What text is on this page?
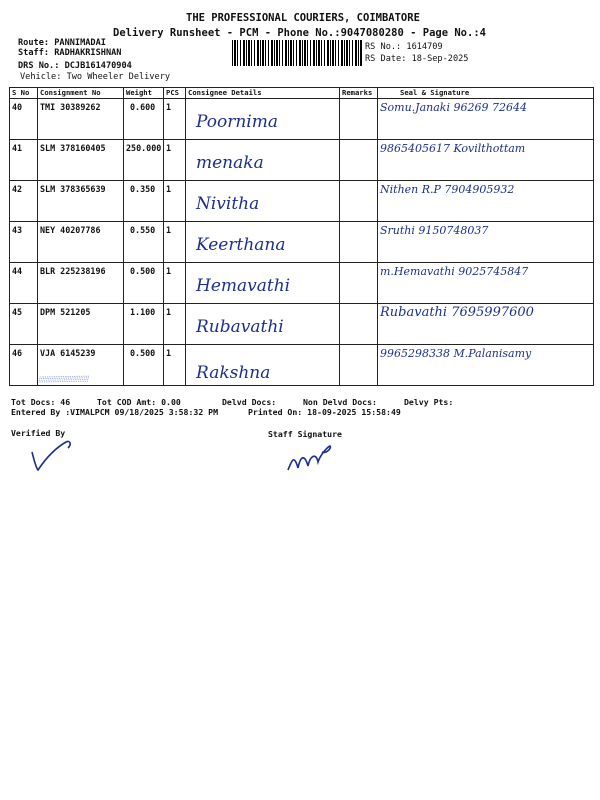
THE PROFESSIONAL COURIERS, COIMBATORE
Delivery Runsheet - PCM - Phone No.:9047080280 - Page No.:4
Route: PANNIMADAI
Staff: RADHAKRISHNAN
DRS No.: DCJB161470904
Vehicle: Two Wheeler Delivery
RS No.: 1614709
RS Date: 18-Sep-2025
S No	Consignment No	Weight	PCS	Consignee Details	Remarks	Seal & Signature

40	TMI 30389262	0.600	1	Poornima		Somu.Janaki 96269 72644

41	SLM 378160405	250.000	1	menaka		9865405617 Kovilthottam

42	SLM 378365639	0.350	1	Nivitha		Nithen R.P 7904905932

43	NEY 40207786	0.550	1	Keerthana		Sruthi 9150748037

44	BLR 225238196	0.500	1	Hemavathi		m.Hemavathi 9025745847

45	DPM 521205	1.100	1	Rubavathi		Rubavathi 7695997600

46	VJA 6145239	0.500	1	Rakshna		9965298338 M.Palanisamy
⦙⦙⦙⦙⦙⦙⦙⦙⦙⦙⦙⦙⦙⦙⦙⦙⦙⦙⦙⦙⦙⦙⦙⦙⦙⦙⦙⦙
Tot Docs: 46	Tot COD Amt: 0.00	Delvd Docs:	Non Delvd Docs:	Delvy Pts:
Entered By :VIMALPCM 09/18/2025 3:58:32 PM	Printed On: 18-09-2025 15:58:49
Verified By	Staff Signature
